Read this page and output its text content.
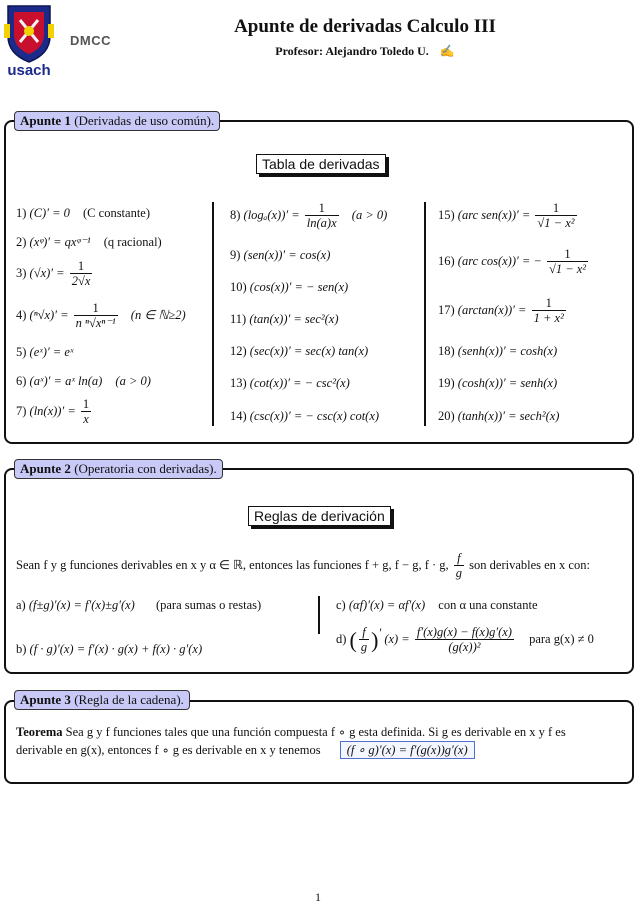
usach
DMCC
Apunte de derivadas Calculo III
Profesor: Alejandro Toledo U. ✍
Apunte 1 (Derivadas de uso común).
Tabla de derivadas
1) (C)′ = 0 (C constante)
2) (xᵠ)′ = qxᵠ⁻¹ (q racional)
3) $(√x)' = \frac{1}{2√x}$
4) $(^n√x)' = \frac{1}{\text{n ⁿ√xⁿ⁻¹}} (n$ ∈ ℕ≥2)
5) (eˣ)′ = eˣ
6) (aˣ)′ = aˣ ln(a) (a > 0)
7) $(\ln(x))' = \frac{1}{x}$
8) $(\log_a(x))' = \frac{1}{\ln(a)x} (a > 0)$
9) (sen(x))′ = cos(x)
10) (cos(x))′ = − sen(x)
11) (tan(x))′ = sec²(x)
12) (sec(x))′ = sec(x) tan(x)
13) (cot(x))′ = − csc²(x)
14) (csc(x))′ = − csc(x) cot(x)
15) (arc $sen(x))' = \frac{1}{\text{√1 − x²}}$
16) (arc cos(x))′ = − $\frac{1}{\text{√1 − x²}}$
17) $(\arctan(x))' = \frac{1}{\text{1 + x²}}$
18) (senh(x))′ = cosh(x)
19) (cosh(x))′ = senh(x)
20) (tanh(x))′ = sech²(x)
Apunte 2 (Operatoria con derivadas).
Reglas de derivación
Sean f y g funciones derivables en x y α ∈ ℝ, entonces las funciones f + g, f − g, f · g, $\frac{f}{g}$ son derivables en x con:
a) (f±g)′(x) = f′(x)±g′(x) (para sumas o restas)
b) (f · g)′(x) = f′(x) · g(x) + f(x) · g′(x)
c) (αf)′(x) = αf′(x) con α una constante
d) ( $\frac{f}{g}$ )′ $(x) = \frac{f'(x)g(x) - f(x)g'(x)}{\text{(g(x))²}}$ para g(x) ≠ 0
Apunte 3 (Regla de la cadena).
Teorema Sea g y f funciones tales que una función compuesta f ∘ g esta definida. Si g es derivable en x y f es
derivable en g(x), entonces f ∘ g es derivable en x y tenemos (f ∘ g)′(x) = f′(g(x))g′(x)
1
